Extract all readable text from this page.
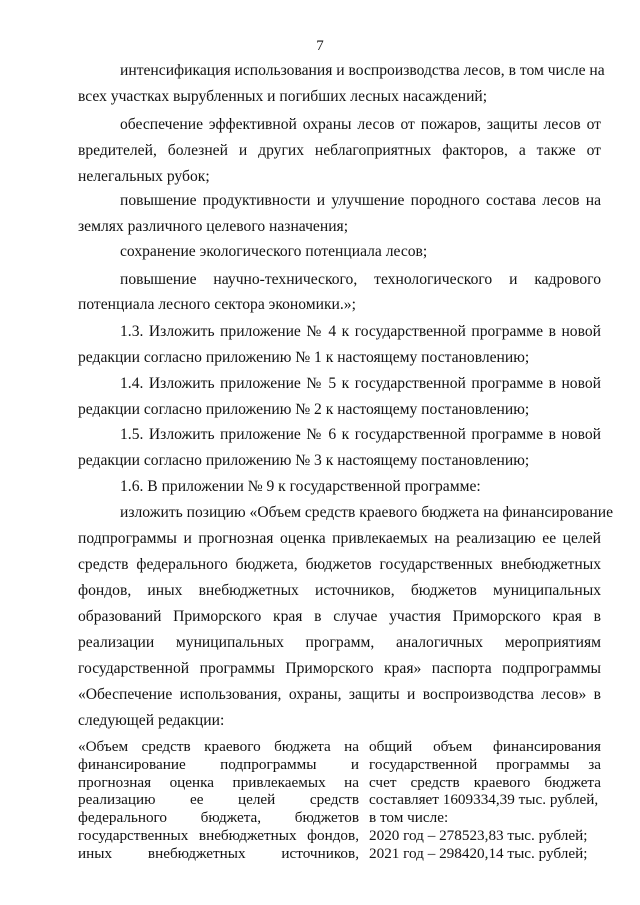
7
интенсификация использования и воспроизводства лесов, в том числе на
всех участках вырубленных и погибших лесных насаждений;
обеспечение эффективной охраны лесов от пожаров, защиты лесов от
вредителей, болезней и других неблагоприятных факторов, а также от
нелегальных рубок;
повышение продуктивности и улучшение породного состава лесов на
землях различного целевого назначения;
сохранение экологического потенциала лесов;
повышение научно-технического, технологического и кадрового
потенциала лесного сектора экономики.»;
1.3. Изложить приложение № 4 к государственной программе в новой
редакции согласно приложению № 1 к настоящему постановлению;
1.4. Изложить приложение № 5 к государственной программе в новой
редакции согласно приложению № 2 к настоящему постановлению;
1.5. Изложить приложение № 6 к государственной программе в новой
редакции согласно приложению № 3 к настоящему постановлению;
1.6. В приложении № 9 к государственной программе:
изложить позицию «Объем средств краевого бюджета на финансирование
подпрограммы и прогнозная оценка привлекаемых на реализацию ее целей
средств федерального бюджета, бюджетов государственных внебюджетных
фондов, иных внебюджетных источников, бюджетов муниципальных
образований Приморского края в случае участия Приморского края в
реализации муниципальных программ, аналогичных мероприятиям
государственной программы Приморского края» паспорта подпрограммы
«Обеспечение использования, охраны, защиты и воспроизводства лесов» в
следующей редакции:
«Объем средств краевого бюджета на
финансирование подпрограммы и
прогнозная оценка привлекаемых на
реализацию ее целей средств
федерального бюджета, бюджетов
государственных внебюджетных фондов,
иных внебюджетных источников,
общий объем финансирования
государственной программы за
счет средств краевого бюджета
составляет 1609334,39 тыс. рублей,
в том числе:
2020 год – 278523,83 тыс. рублей;
2021 год – 298420,14 тыс. рублей;
